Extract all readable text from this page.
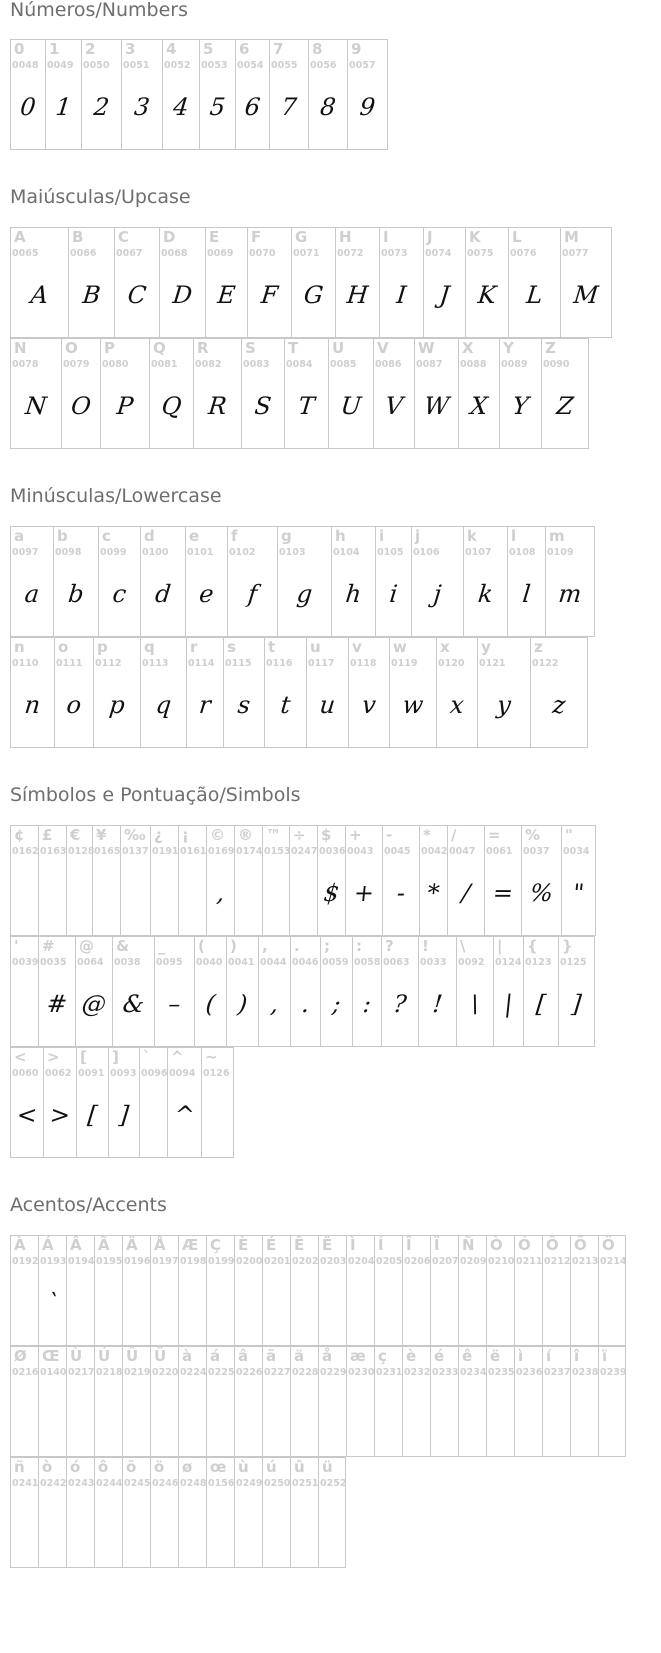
Números/Numbers
0
0048
0
1
0049
1
2
0050
2
3
0051
3
4
0052
4
5
0053
5
6
0054
6
7
0055
7
8
0056
8
9
0057
9
Maiúsculas/Upcase
A
0065
A
B
0066
B
C
0067
C
D
0068
D
E
0069
E
F
0070
F
G
0071
G
H
0072
H
I
0073
I
J
0074
J
K
0075
K
L
0076
L
M
0077
M
N
0078
N
O
0079
O
P
0080
P
Q
0081
Q
R
0082
R
S
0083
S
T
0084
T
U
0085
U
V
0086
V
W
0087
W
X
0088
X
Y
0089
Y
Z
0090
Z
Minúsculas/Lowercase
a
0097
a
b
0098
b
c
0099
c
d
0100
d
e
0101
e
f
0102
f
g
0103
g
h
0104
h
i
0105
i
j
0106
j
k
0107
k
l
0108
l
m
0109
m
n
0110
n
o
0111
o
p
0112
p
q
0113
q
r
0114
r
s
0115
s
t
0116
t
u
0117
u
v
0118
v
w
0119
w
x
0120
x
y
0121
y
z
0122
z
Símbolos e Pontuação/Simbols
¢
0162
£
0163
€
0128
¥
0165
‰
0137
¿
0191
¡
0161
©
0169
‚
®
0174
™
0153
÷
0247
$
0036
$
+
0043
+
-
0045
-
*
0042
*
/
0047
/
=
0061
=
%
0037
%
"
0034
"
'
0039
#
0035
#
@
0064
@
&
0038
&
_
0095
–
(
0040
(
)
0041
)
,
0044
,
.
0046
.
;
0059
;
:
0058
:
?
0063
?
!
0033
!
\
0092
\
|
0124
|
{
0123
[
}
0125
]
<
0060
<
>
0062
>
[
0091
[
]
0093
]
`
0096
^
0094
^
~
0126
Acentos/Accents
À
0192
Á
0193
`
Â
0194
Ã
0195
Ä
0196
Å
0197
Æ
0198
Ç
0199
È
0200
É
0201
Ê
0202
Ë
0203
Ì
0204
Í
0205
Î
0206
Ï
0207
Ñ
0209
Ò
0210
Ó
0211
Ô
0212
Õ
0213
Ö
0214
Ø
0216
Œ
0140
Ù
0217
Ú
0218
Û
0219
Ü
0220
à
0224
á
0225
â
0226
ã
0227
ä
0228
å
0229
æ
0230
ç
0231
è
0232
é
0233
ê
0234
ë
0235
ì
0236
í
0237
î
0238
ï
0239
ñ
0241
ò
0242
ó
0243
ô
0244
õ
0245
ö
0246
ø
0248
œ
0156
ù
0249
ú
0250
û
0251
ü
0252
